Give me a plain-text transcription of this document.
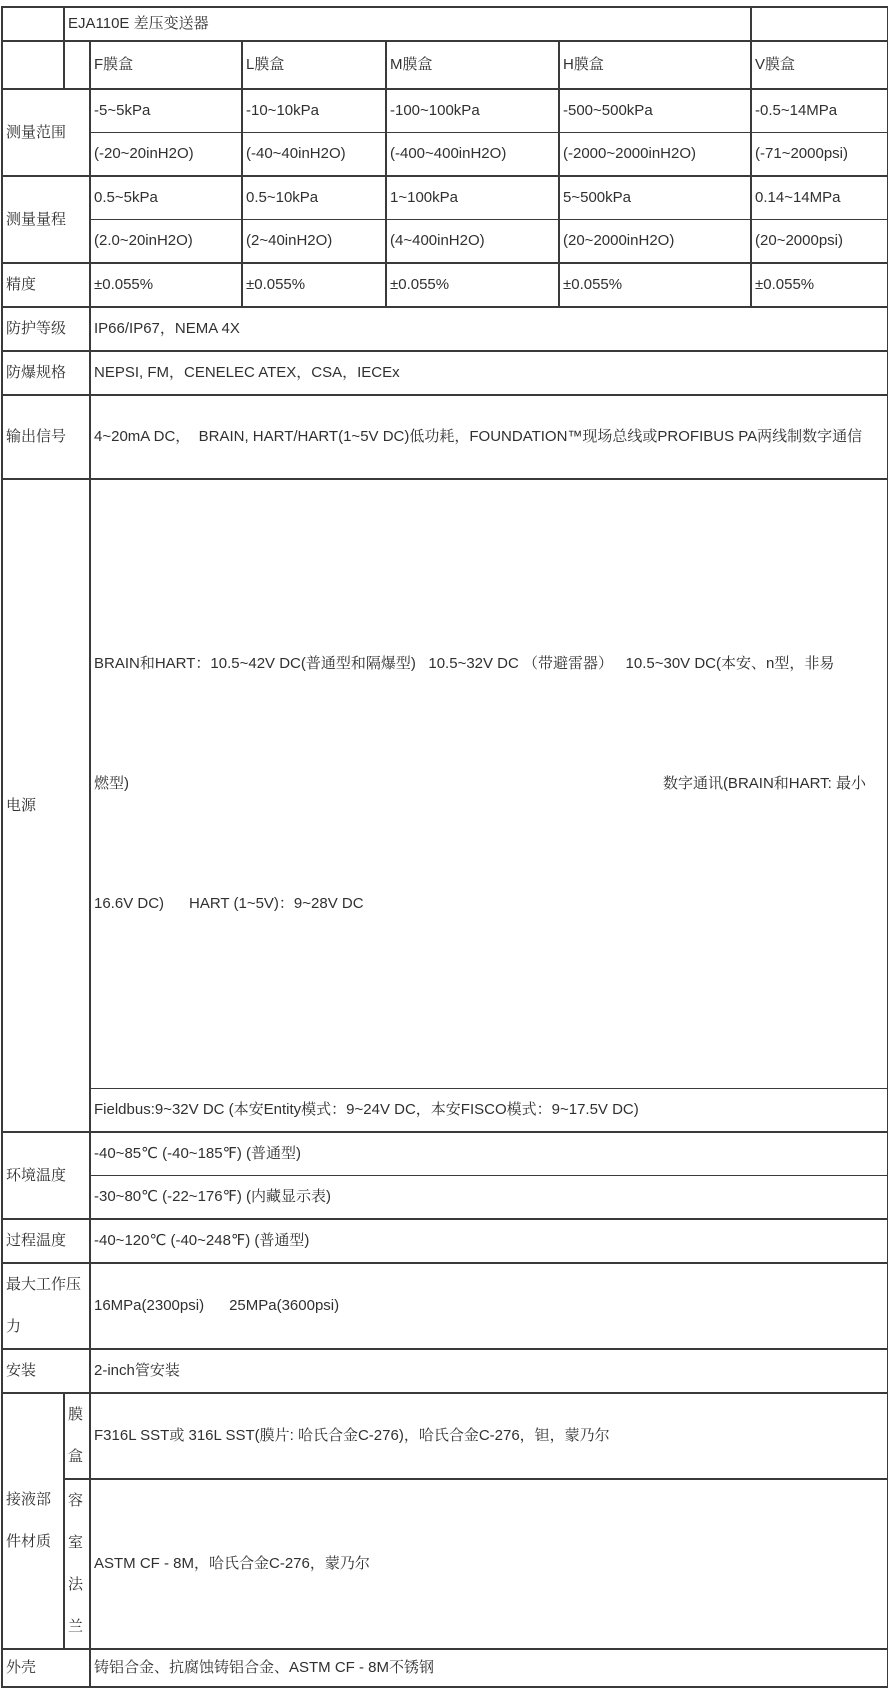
	EJA110E 差压变送器					
		F膜盒	L膜盒	M膜盒	H膜盒	V膜盒
测量范围		-5~5kPa	-10~10kPa	-100~100kPa	-500~500kPa	-0.5~14MPa
		(-20~20inH2O)	(-40~40inH2O)	(-400~400inH2O)	(-2000~2000inH2O)	(-71~2000psi)
测量量程		0.5~5kPa	0.5~10kPa	1~100kPa	5~500kPa	0.14~14MPa
		(2.0~20inH2O)	(2~40inH2O)	(4~400inH2O)	(20~2000inH2O)	(20~2000psi)
精度		±0.055%	±0.055%	±0.055%	±0.055%	±0.055%
防护等级		IP66/IP67，NEMA 4X				
防爆规格		NEPSI, FM，CENELEC ATEX，CSA，IECEx				
输出信号		4~20mA DC，  BRAIN, HART/HART(1~5V DC)低功耗，FOUNDATION™现场总线或PROFIBUS PA两线制数字通信				
电源		BRAIN和HART：10.5~42V DC(普通型和隔爆型)   10.5~32V DC （带避雷器）   10.5~30V DC(本安、n型，非易

燃型) 数字通讯(BRAIN和HART: 最小

16.6V DC)      HART (1~5V)：9~28V DC				

		Fieldbus:9~32V DC (本安Entity模式：9~24V DC，本安FISCO模式：9~17.5V DC)				
环境温度		-40~85℃ (-40~185℉) (普通型)				
		-30~80℃ (-22~176℉) (内藏显示表)				
过程温度		-40~120℃ (-40~248℉) (普通型)				
最大工作压力		16MPa(2300psi)      25MPa(3600psi)				
安装		2-inch管安装				
接液部件材质	膜盒	F316L SST或 316L SST(膜片: 哈氏合金C-276)，哈氏合金C-276，钽，蒙乃尔				
	容室法兰	ASTM CF - 8M，哈氏合金C-276，蒙乃尔				
外壳		铸铝合金、抗腐蚀铸铝合金、ASTM CF - 8M不锈钢				
